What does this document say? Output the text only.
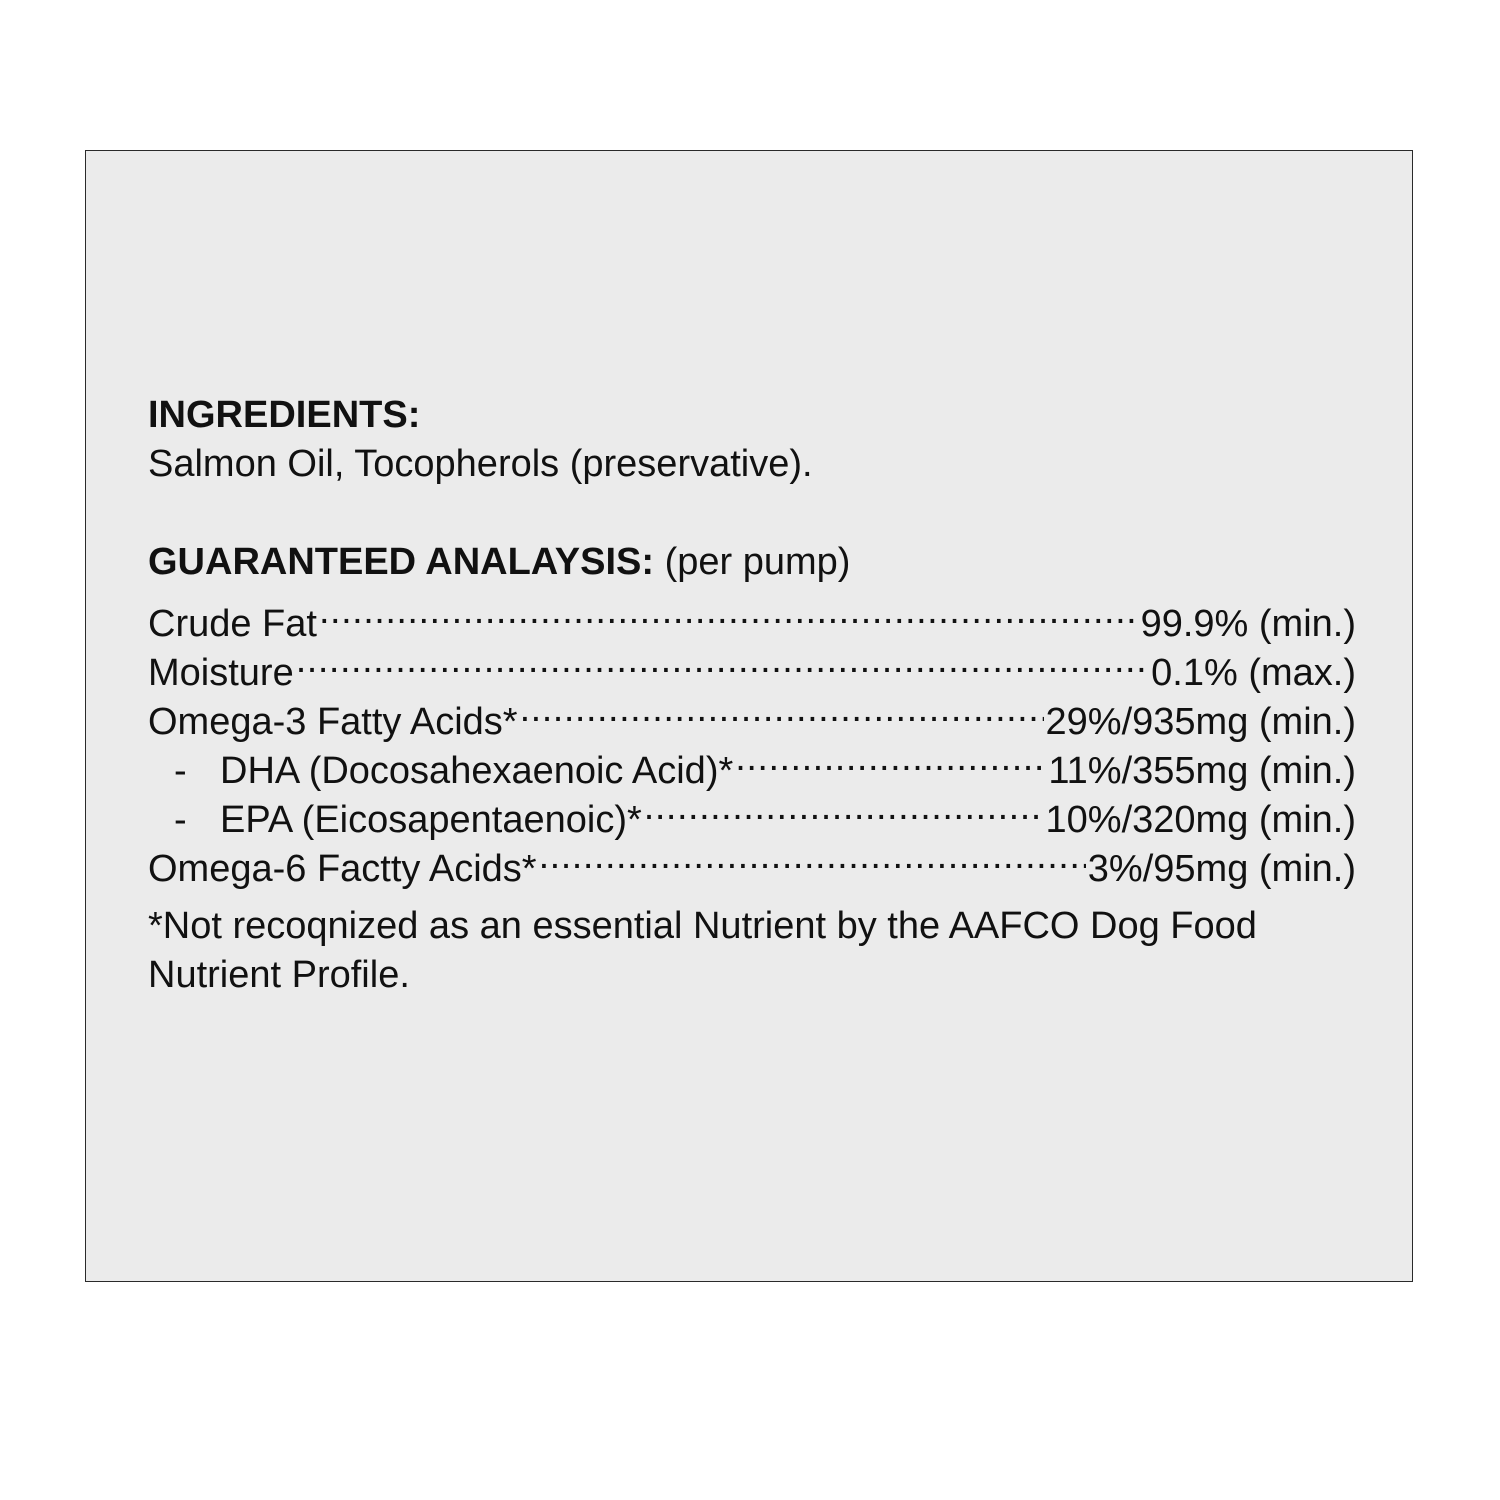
INGREDIENTS:

Salmon Oil, Tocopherols (preservative).

GUARANTEED ANALAYSIS: (per pump)
Crude Fat .....	99.9% (min.)
Moisture .....	0.1% (max.)
Omega-3 Fatty Acids* .....	29%/935mg (min.)
- DHA (Docosahexaenoic Acid)* .....	11%/355mg (min.)
- EPA (Eicosapentaenoic)* .....	10%/320mg (min.)
Omega-6 Factty Acids* .....	3%/95mg (min.)
*Not recoqnized as an essential Nutrient by the AAFCO Dog Food Nutrient Profile.
